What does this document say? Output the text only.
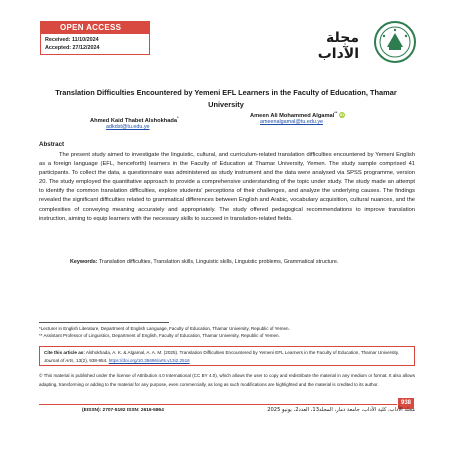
OPEN ACCESS
Received: 11/10/2024
Accepted: 27/12/2024
مجلة الآداب
Translation Difficulties Encountered by Yemeni EFL Learners in the Faculty of Education, Thamar University
Ahmed Kaid Thabet Alshokhada*
adkdst@tu.edu.ye
Ameen Ali Mohammed Algamal** iD
ameenalgamal@tu.edu.ye
Abstract

The present study aimed to investigate the linguistic, cultural, and curriculum-related translation difficulties encountered by Yemeni English as a foreign language (EFL, henceforth) learners in the Faculty of Education at Thamar University, Yemen. The study sample comprised 41 participants. To collect the data, a questionnaire was administered as study instrument and the data were analysed via SPSS programme, version 20. The study employed the quantitative approach to provide a comprehensive understanding of the topic under study. The study made an attempt to identify the common translation difficulties, explore students' perceptions of their challenges, and analyze the underlying causes. The findings revealed the significant difficulties related to grammatical differences between English and Arabic, vocabulary acquisition, cultural nuances, and the complexities of conveying meaning accurately and appropriately. The study offered pedagogical recommendations to improve translation instruction, aiming to equip learners with the necessary skills to succeed in translation-related fields.

Keywords: Translation difficulties, Translation skills, Linguistic skills, Linguistic problems, Grammatical structure.

*Lecturer in English Literature, Department of English Language, Faculty of Education, Thamar University, Republic of Yemen.

** Assistant Professor of Linguistics, Department of English, Faculty of Education, Thamar University, Republic of Yemen.

Cite this article as: Alshokhada, A. K. & Algamal, A. A. M. (2025). Translation Difficulties Encountered by Yemeni EFL Learners in the Faculty of Education, Thamar University. Journal of Arts, 13(2), 938-954. https://doi.org/10.35696/arts.v13i2.2516

© This material is published under the license of Attribution 4.0 International (CC BY 4.0), which allows the user to copy and redistribute the material in any medium or format. It also allows adapting, transforming or adding to the material for any purpose, even commercially, as long as such modifications are highlighted and the material is credited to its author.

938
(EISSN): 2707-5192 ISSN: 2616-5864	مجلة الآداب، كلية الآداب، جامعة ذمار، المجلد13، العدد2، يونيو 2025
